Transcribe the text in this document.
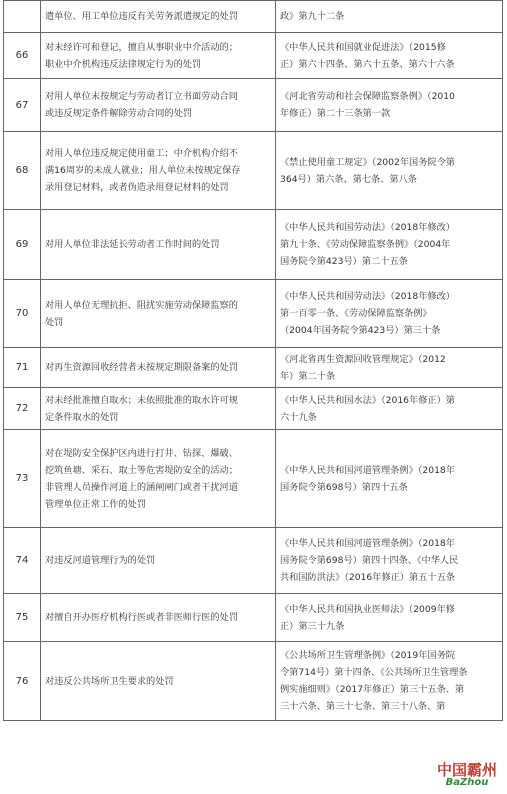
	遣单位、用工单位违反有关劳务派遣规定的处罚	政》第九十二条

66	对未经许可和登记，擅自从事职业中介活动的；
职业中介机构违反法律规定行为的处罚	《中华人民共和国就业促进法》（2015修
正）第六十四条、第六十五条、第六十六条

67	对用人单位未按规定与劳动者订立书面劳动合同
或违反规定条件解除劳动合同的处罚	《河北省劳动和社会保障监察条例》（2010
年修正）第二十三条第一款

68	对用人单位违反规定使用童工；中介机构介绍不
满16周岁的未成人就业；用人单位未按规定保存
录用登记材料，或者伪造录用登记材料的处罚	《禁止使用童工规定》（2002年国务院令第
364号）第六条、第七条、第八条

69	对用人单位非法延长劳动者工作时间的处罚	《中华人民共和国劳动法》（2018年修改）
第九十条、《劳动保障监察条例》（2004年
国务院令第423号）第二十五条

70	对用人单位无理抗拒、阻扰实施劳动保障监察的
处罚	《中华人民共和国劳动法》（2018年修改）
第一百零一条、《劳动保障监察条例》
（2004年国务院令第423号）第三十条

71	对再生资源回收经营者未按规定期限备案的处罚	《河北省再生资源回收管理规定》（2012
年）第二十条

72	对未经批准擅自取水；未依照批准的取水许可规
定条件取水的处罚	《中华人民共和国水法》（2016年修正）第
六十九条

73	对在堤防安全保护区内进行打井、钻探、爆破、
挖筑鱼塘、采石、取土等危害堤防安全的活动；
非管理人员操作河道上的涵闸闸门或者干扰河道
管理单位正常工作的处罚	《中华人民共和国河道管理条例》（2018年
国务院令第698号）第四十五条

74	对违反河道管理行为的处罚	《中华人民共和国河道管理条例》（2018年
国务院令第698号）第四十四条、《中华人民
共和国防洪法》（2016年修正）第五十五条

75	对擅自开办医疗机构行医或者非医师行医的处罚	《中华人民共和国执业医师法》（2009年修
正）第三十九条

76	对违反公共场所卫生要求的处罚	《公共场所卫生管理条例》（2019年国务院
令第714号）第十四条、《公共场所卫生管理条
例实施细则》（2017年修正）第三十五条、第
三十六条、第三十七条、第三十八条、第
中国霸州
BaZhou
